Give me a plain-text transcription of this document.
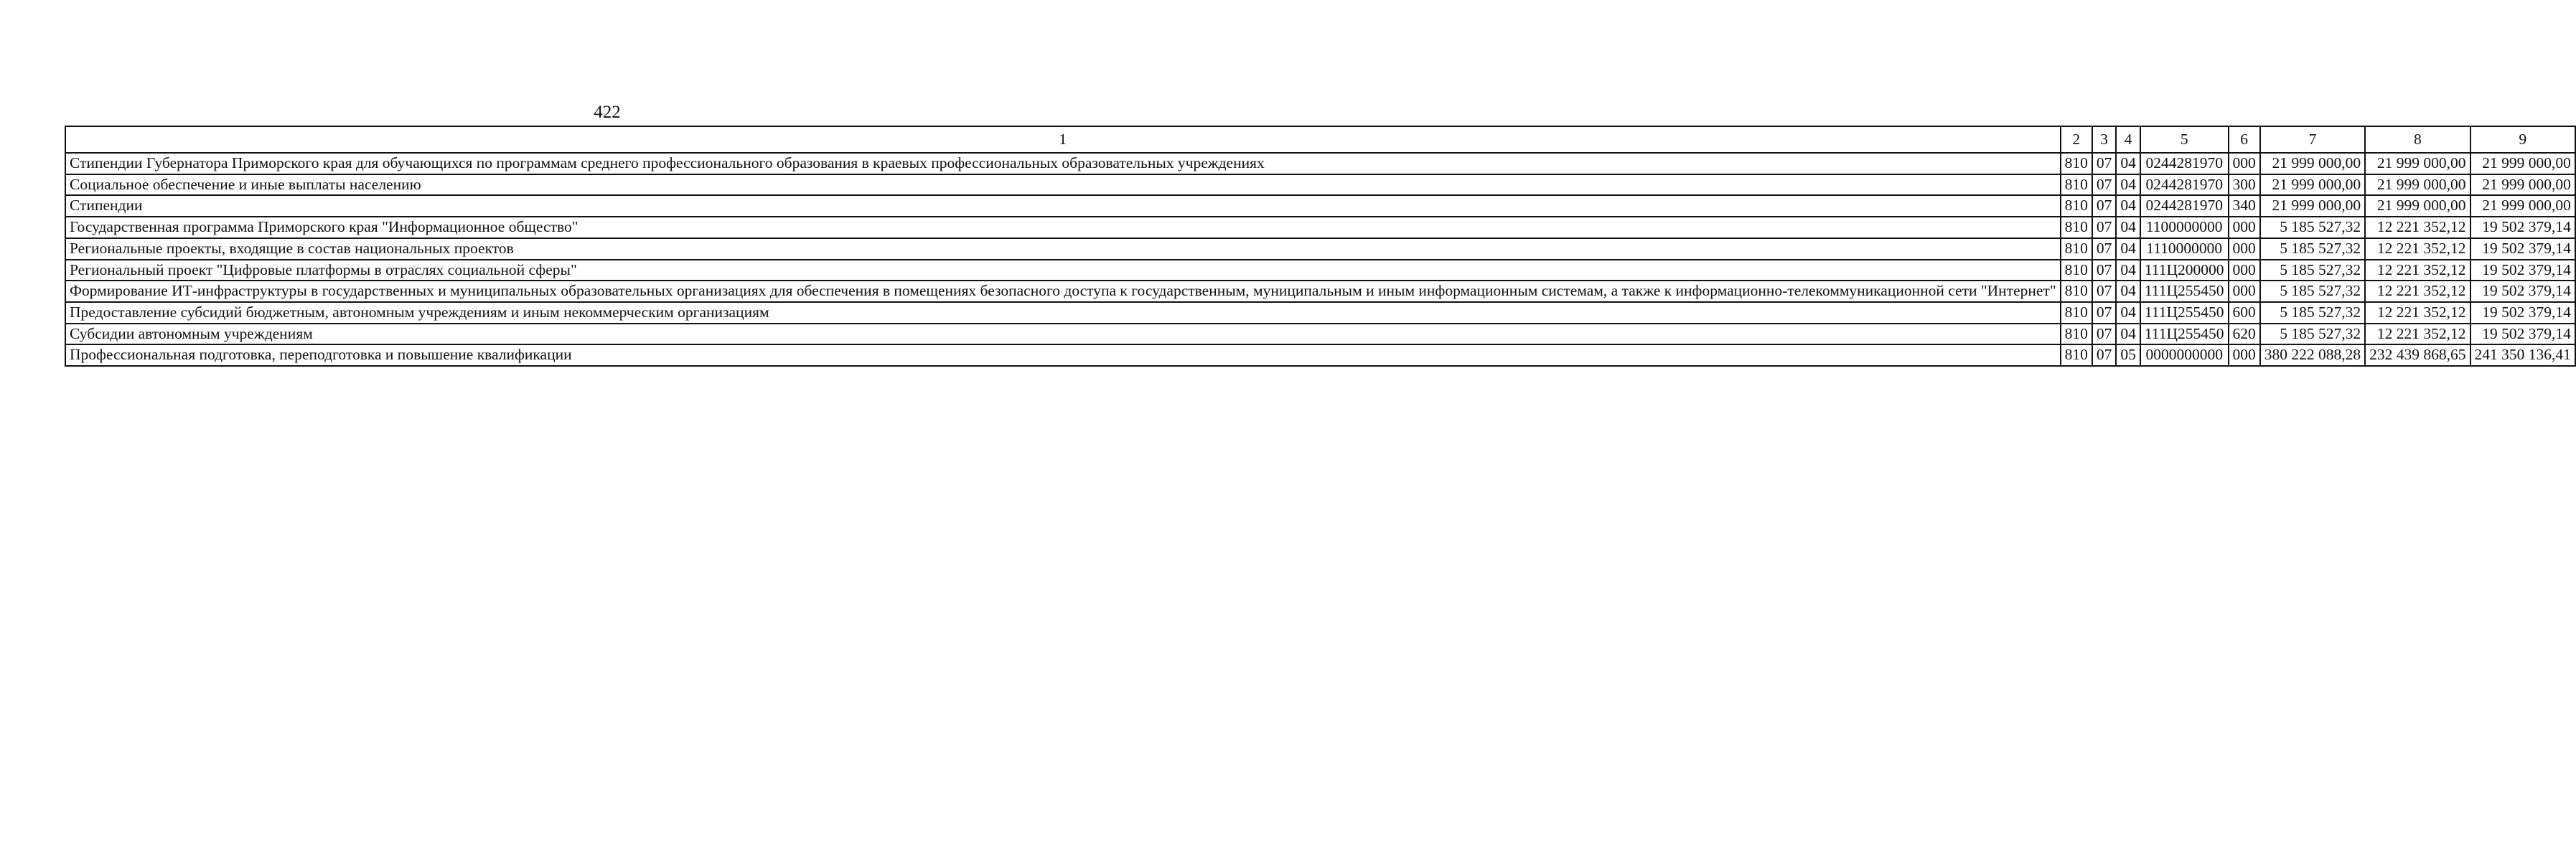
422
1	2	3	4	5	6	7	8	9
Стипендии Губернатора Приморского края для обучающихся по программам среднего профессионального образования в краевых профессиональных образовательных учреждениях	810	07	04	0244281970	000	21 999 000,00	21 999 000,00	21 999 000,00
Социальное обеспечение и иные выплаты населению	810	07	04	0244281970	300	21 999 000,00	21 999 000,00	21 999 000,00
Стипендии	810	07	04	0244281970	340	21 999 000,00	21 999 000,00	21 999 000,00
Государственная программа Приморского края "Информационное общество"	810	07	04	1100000000	000	5 185 527,32	12 221 352,12	19 502 379,14
Региональные проекты, входящие в состав национальных проектов	810	07	04	1110000000	000	5 185 527,32	12 221 352,12	19 502 379,14
Региональный проект "Цифровые платформы в отраслях социальной сферы"	810	07	04	111Ц200000	000	5 185 527,32	12 221 352,12	19 502 379,14
Формирование ИТ-инфраструктуры в государственных и муниципальных образовательных организациях для обеспечения в помещениях безопасного доступа к государственным, муниципальным и иным информационным системам, а также к информационно-телекоммуникационной сети "Интернет"	810	07	04	111Ц255450	000	5 185 527,32	12 221 352,12	19 502 379,14
Предоставление субсидий бюджетным, автономным учреждениям и иным некоммерческим организациям	810	07	04	111Ц255450	600	5 185 527,32	12 221 352,12	19 502 379,14
Субсидии автономным учреждениям	810	07	04	111Ц255450	620	5 185 527,32	12 221 352,12	19 502 379,14
Профессиональная подготовка, переподготовка и повышение квалификации	810	07	05	0000000000	000	380 222 088,28	232 439 868,65	241 350 136,41
